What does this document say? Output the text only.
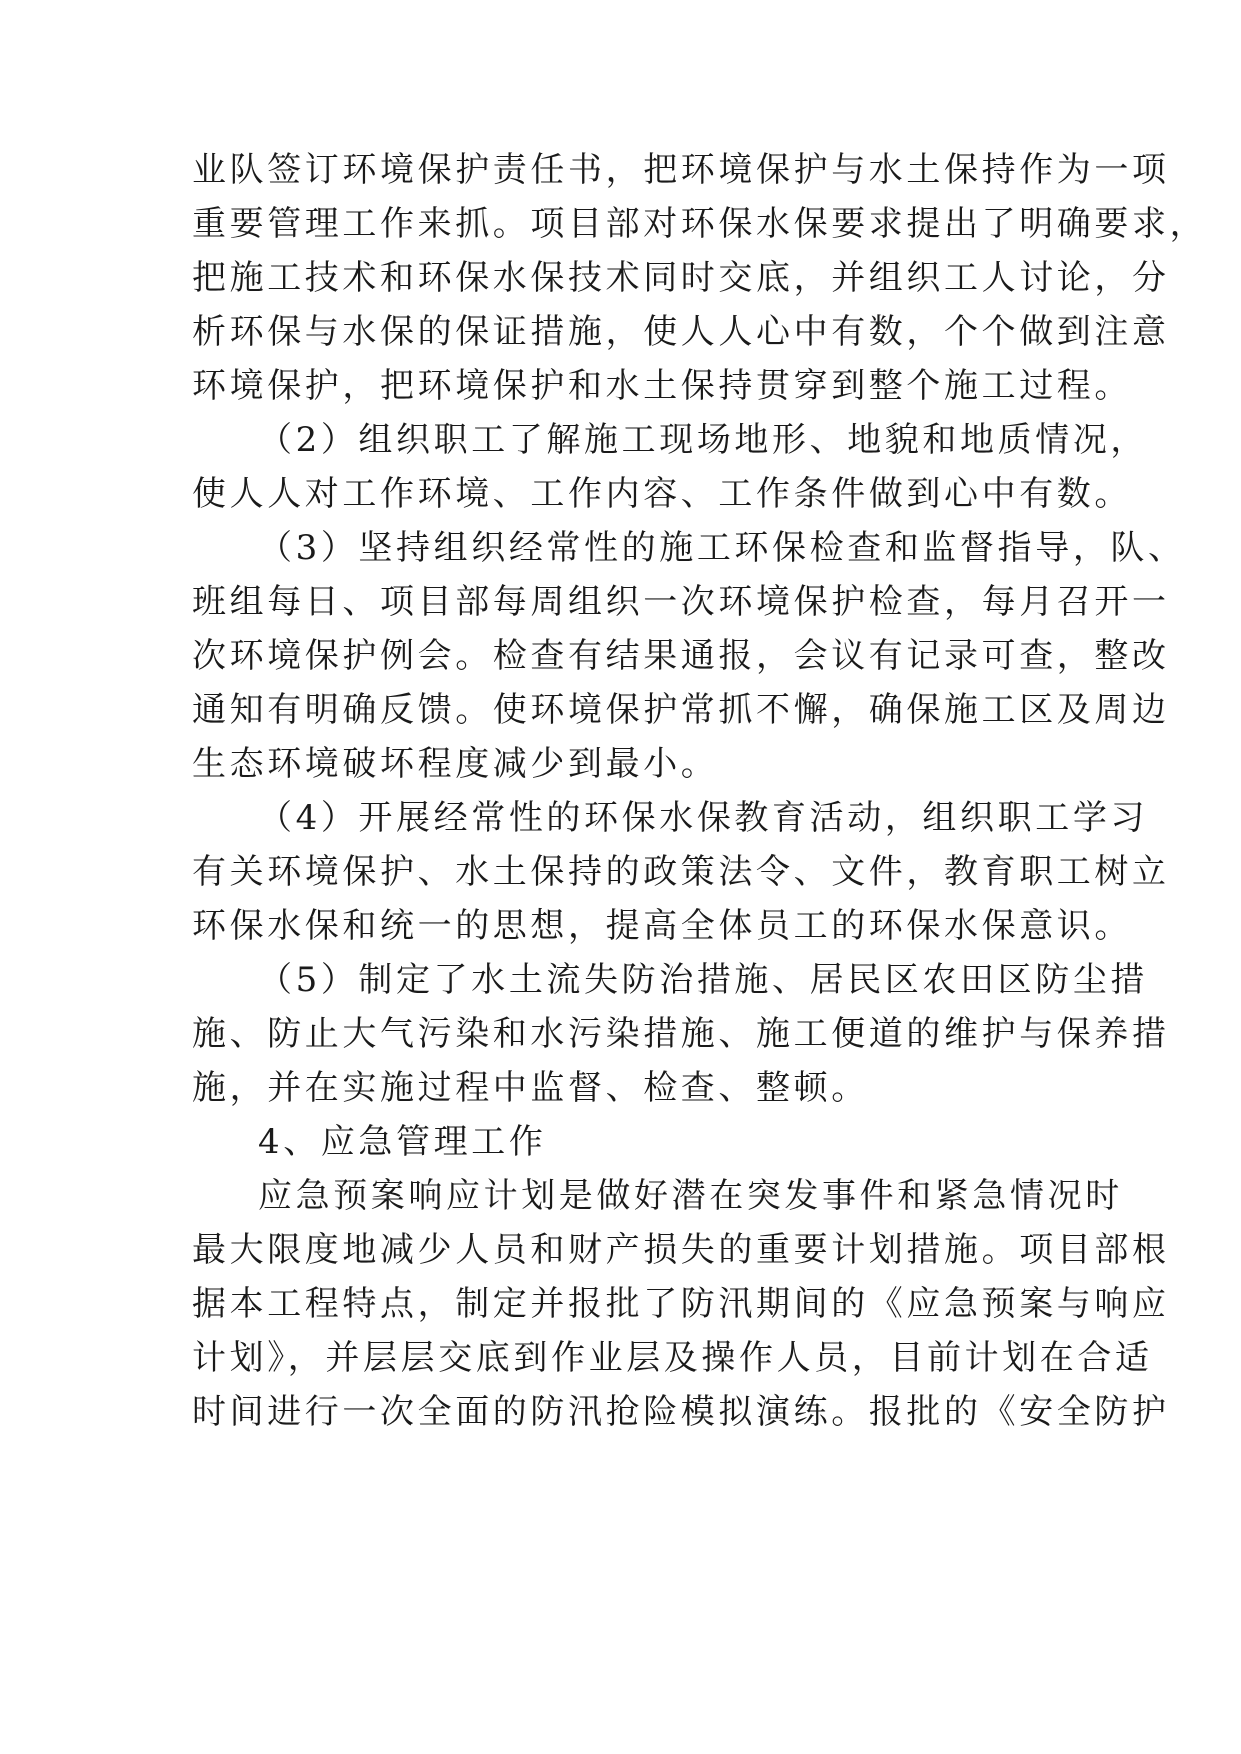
业队签订环境保护责任书，把环境保护与水土保持作为一项
重要管理工作来抓。项目部对环保水保要求提出了明确要求，
把施工技术和环保水保技术同时交底，并组织工人讨论，分
析环保与水保的保证措施，使人人心中有数，个个做到注意
环境保护，把环境保护和水土保持贯穿到整个施工过程。
（2）组织职工了解施工现场地形、地貌和地质情况，
使人人对工作环境、工作内容、工作条件做到心中有数。
（3）坚持组织经常性的施工环保检查和监督指导，队、
班组每日、项目部每周组织一次环境保护检查，每月召开一
次环境保护例会。检查有结果通报，会议有记录可查，整改
通知有明确反馈。使环境保护常抓不懈，确保施工区及周边
生态环境破坏程度减少到最小。
（4）开展经常性的环保水保教育活动，组织职工学习
有关环境保护、水土保持的政策法令、文件，教育职工树立
环保水保和统一的思想，提高全体员工的环保水保意识。
（5）制定了水土流失防治措施、居民区农田区防尘措
施、防止大气污染和水污染措施、施工便道的维护与保养措
施，并在实施过程中监督、检查、整顿。
4、应急管理工作
应急预案响应计划是做好潜在突发事件和紧急情况时
最大限度地减少人员和财产损失的重要计划措施。项目部根
据本工程特点，制定并报批了防汛期间的《应急预案与响应
计划》，并层层交底到作业层及操作人员，目前计划在合适
时间进行一次全面的防汛抢险模拟演练。报批的《安全防护
